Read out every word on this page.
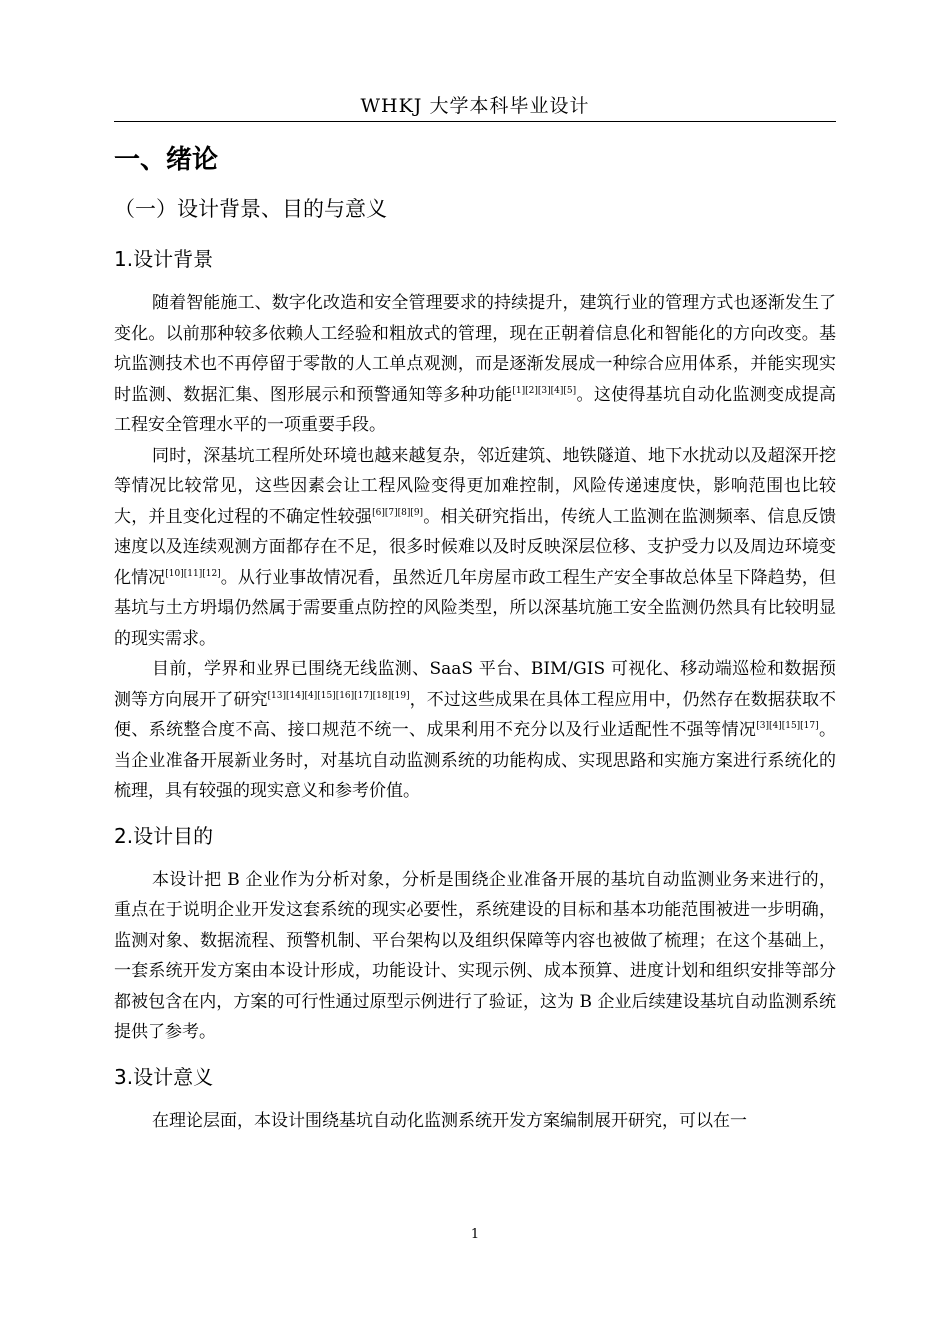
WHKJ 大学本科毕业设计
一、绪论
（一）设计背景、目的与意义
1.设计背景

随着智能施工、数字化改造和安全管理要求的持续提升，建筑行业的管理方式也逐渐发生了变化。以前那种较多依赖人工经验和粗放式的管理，现在正朝着信息化和智能化的方向改变。基坑监测技术也不再停留于零散的人工单点观测，而是逐渐发展成一种综合应用体系，并能实现实时监测、数据汇集、图形展示和预警通知等多种功能[1][2][3][4][5]。这使得基坑自动化监测变成提高工程安全管理水平的一项重要手段。

同时，深基坑工程所处环境也越来越复杂，邻近建筑、地铁隧道、地下水扰动以及超深开挖等情况比较常见，这些因素会让工程风险变得更加难控制，风险传递速度快，影响范围也比较大，并且变化过程的不确定性较强[6][7][8][9]。相关研究指出，传统人工监测在监测频率、信息反馈速度以及连续观测方面都存在不足，很多时候难以及时反映深层位移、支护受力以及周边环境变化情况[10][11][12]。从行业事故情况看，虽然近几年房屋市政工程生产安全事故总体呈下降趋势，但基坑与土方坍塌仍然属于需要重点防控的风险类型，所以深基坑施工安全监测仍然具有比较明显的现实需求。

目前，学界和业界已围绕无线监测、SaaS 平台、BIM/GIS 可视化、移动端巡检和数据预测等方向展开了研究[13][14][4][15][16][17][18][19]，不过这些成果在具体工程应用中，仍然存在数据获取不便、系统整合度不高、接口规范不统一、成果利用不充分以及行业适配性不强等情况[3][4][15][17]。当企业准备开展新业务时，对基坑自动监测系统的功能构成、实现思路和实施方案进行系统化的梳理，具有较强的现实意义和参考价值。

2.设计目的

本设计把 B 企业作为分析对象，分析是围绕企业准备开展的基坑自动监测业务来进行的，重点在于说明企业开发这套系统的现实必要性，系统建设的目标和基本功能范围被进一步明确，监测对象、数据流程、预警机制、平台架构以及组织保障等内容也被做了梳理；在这个基础上，一套系统开发方案由本设计形成，功能设计、实现示例、成本预算、进度计划和组织安排等部分都被包含在内，方案的可行性通过原型示例进行了验证，这为 B 企业后续建设基坑自动监测系统提供了参考。

3.设计意义

在理论层面，本设计围绕基坑自动化监测系统开发方案编制展开研究，可以在一

1
